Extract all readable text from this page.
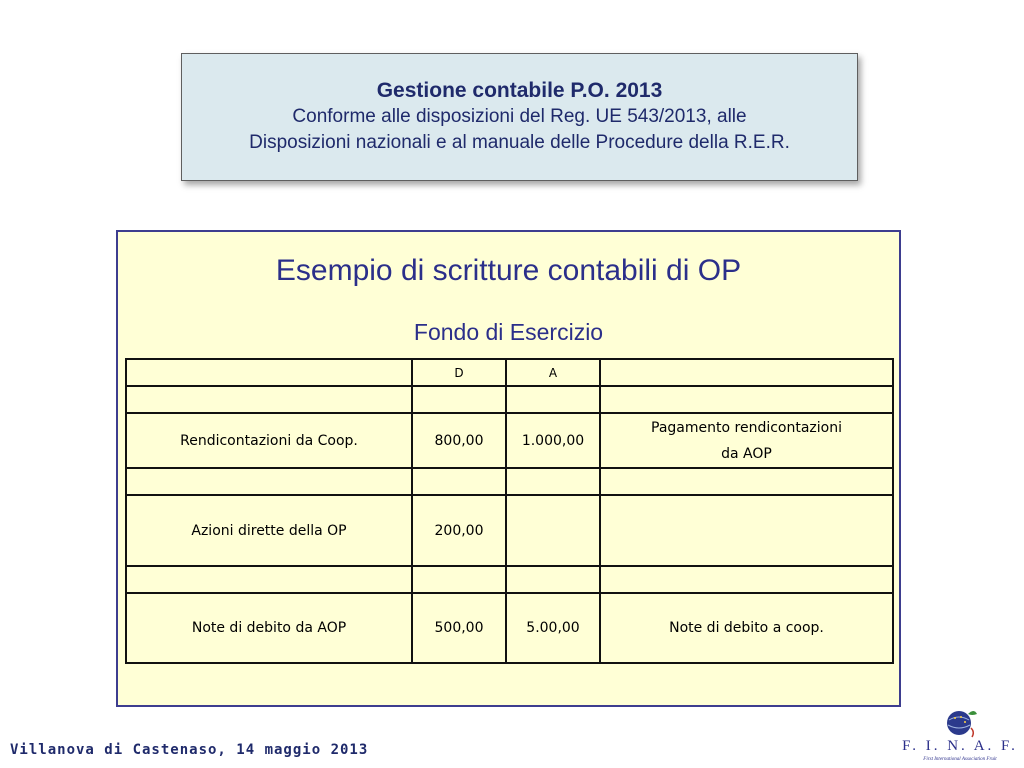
Gestione contabile P.O. 2013
Conforme alle disposizioni del Reg. UE 543/2013, alle
Disposizioni nazionali e al manuale delle Procedure della R.E.R.
Esempio di scritture contabili di OP
Fondo di Esercizio
	D	A	

Rendicontazioni da Coop.	800,00	1.000,00	Pagamento rendicontazioni
da AOP

Azioni dirette della OP	200,00		

Note di debito da AOP	500,00	5.00,00	Note di debito a coop.
Villanova di Castenaso, 14 maggio 2013	F. I. N. A. F.
First International Association Fruit
